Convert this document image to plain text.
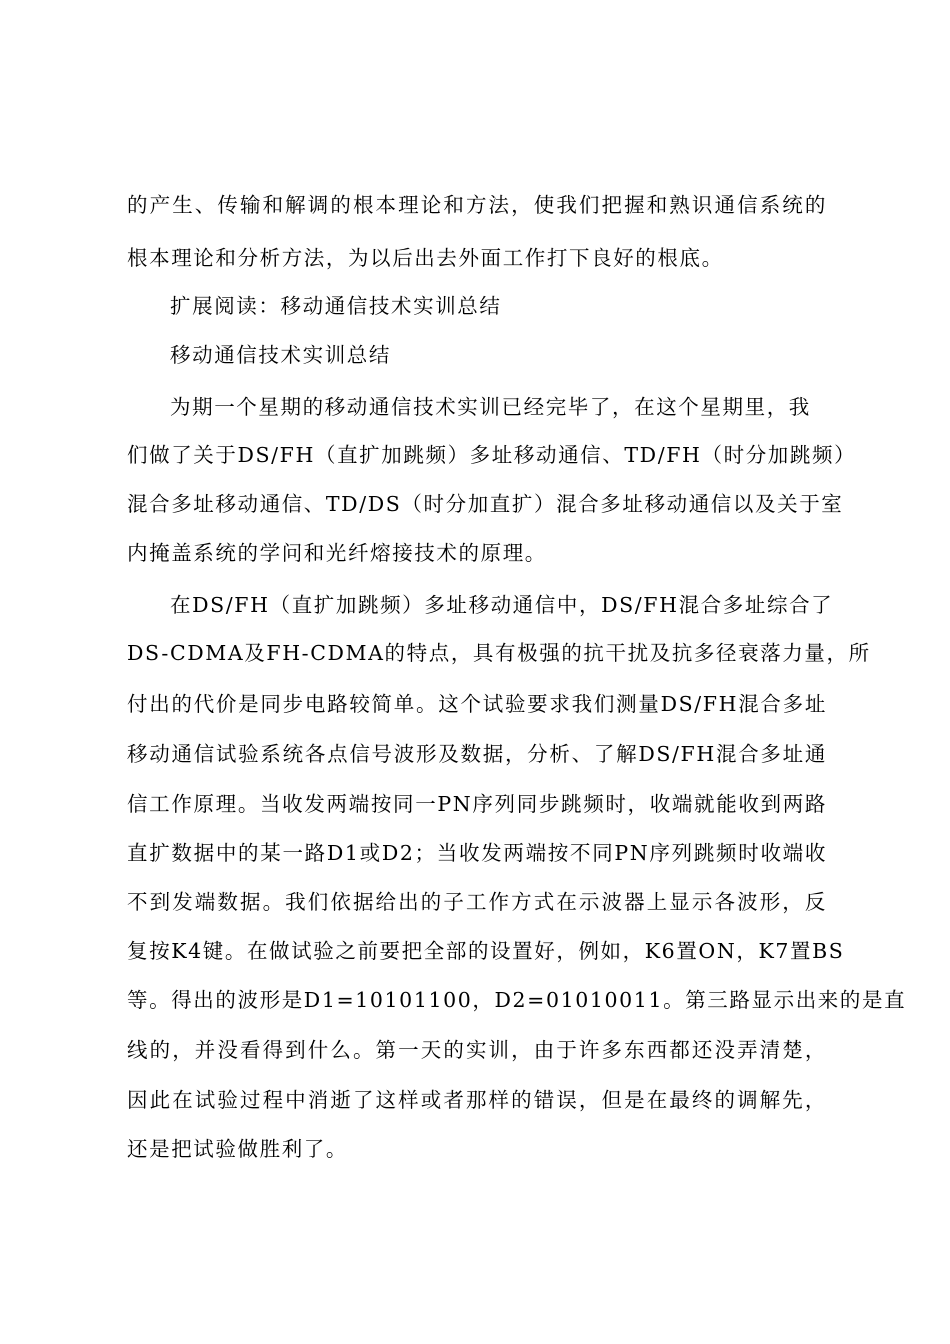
的产生、传输和解调的根本理论和方法，使我们把握和熟识通信系统的
根本理论和分析方法，为以后出去外面工作打下良好的根底。
扩展阅读：移动通信技术实训总结
移动通信技术实训总结
为期一个星期的移动通信技术实训已经完毕了，在这个星期里，我
们做了关于DS/FH（直扩加跳频）多址移动通信、TD/FH（时分加跳频）
混合多址移动通信、TD/DS（时分加直扩）混合多址移动通信以及关于室
内掩盖系统的学问和光纤熔接技术的原理。
在DS/FH（直扩加跳频）多址移动通信中，DS/FH混合多址综合了
DS-CDMA及FH-CDMA的特点，具有极强的抗干扰及抗多径衰落力量，所
付出的代价是同步电路较简单。这个试验要求我们测量DS/FH混合多址
移动通信试验系统各点信号波形及数据，分析、了解DS/FH混合多址通
信工作原理。当收发两端按同一PN序列同步跳频时，收端就能收到两路
直扩数据中的某一路D1或D2；当收发两端按不同PN序列跳频时收端收
不到发端数据。我们依据给出的子工作方式在示波器上显示各波形，反
复按K4键。在做试验之前要把全部的设置好，例如，K6置ON，K7置BS
等。得出的波形是D1=10101100，D2=01010011。第三路显示出来的是直
线的，并没看得到什么。第一天的实训，由于许多东西都还没弄清楚，
因此在试验过程中消逝了这样或者那样的错误，但是在最终的调解先，
还是把试验做胜利了。
